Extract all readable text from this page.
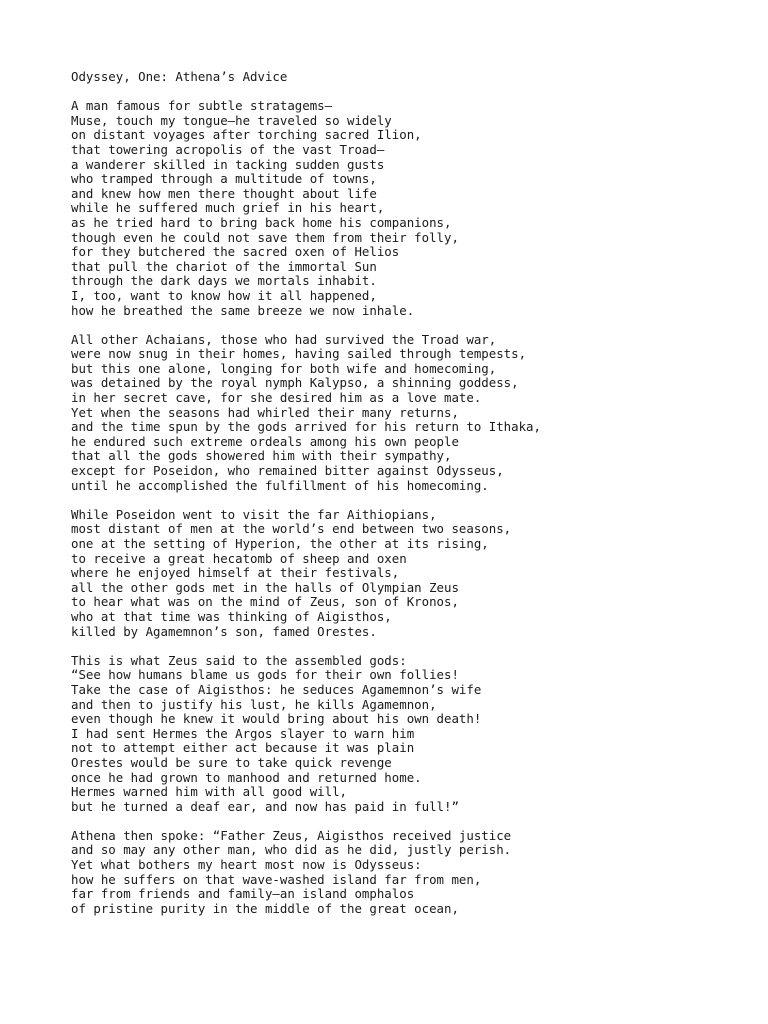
Odyssey, One: Athena’s Advice
A man famous for subtle stratagems—
Muse, touch my tongue—he traveled so widely
on distant voyages after torching sacred Ilion,
that towering acropolis of the vast Troad—
a wanderer skilled in tacking sudden gusts
who tramped through a multitude of towns,
and knew how men there thought about life
while he suffered much grief in his heart,
as he tried hard to bring back home his companions,
though even he could not save them from their folly,
for they butchered the sacred oxen of Helios
that pull the chariot of the immortal Sun
through the dark days we mortals inhabit.
I, too, want to know how it all happened,
how he breathed the same breeze we now inhale.
All other Achaians, those who had survived the Troad war,
were now snug in their homes, having sailed through tempests,
but this one alone, longing for both wife and homecoming,
was detained by the royal nymph Kalypso, a shinning goddess,
in her secret cave, for she desired him as a love mate.
Yet when the seasons had whirled their many returns,
and the time spun by the gods arrived for his return to Ithaka,
he endured such extreme ordeals among his own people
that all the gods showered him with their sympathy,
except for Poseidon, who remained bitter against Odysseus,
until he accomplished the fulfillment of his homecoming.
While Poseidon went to visit the far Aithiopians,
most distant of men at the world’s end between two seasons,
one at the setting of Hyperion, the other at its rising,
to receive a great hecatomb of sheep and oxen
where he enjoyed himself at their festivals,
all the other gods met in the halls of Olympian Zeus
to hear what was on the mind of Zeus, son of Kronos,
who at that time was thinking of Aigisthos,
killed by Agamemnon’s son, famed Orestes.
This is what Zeus said to the assembled gods:
“See how humans blame us gods for their own follies!
Take the case of Aigisthos: he seduces Agamemnon’s wife
and then to justify his lust, he kills Agamemnon,
even though he knew it would bring about his own death!
I had sent Hermes the Argos slayer to warn him
not to attempt either act because it was plain
Orestes would be sure to take quick revenge
once he had grown to manhood and returned home.
Hermes warned him with all good will,
but he turned a deaf ear, and now has paid in full!”
Athena then spoke: “Father Zeus, Aigisthos received justice
and so may any other man, who did as he did, justly perish.
Yet what bothers my heart most now is Odysseus:
how he suffers on that wave-washed island far from men,
far from friends and family—an island omphalos
of pristine purity in the middle of the great ocean,
